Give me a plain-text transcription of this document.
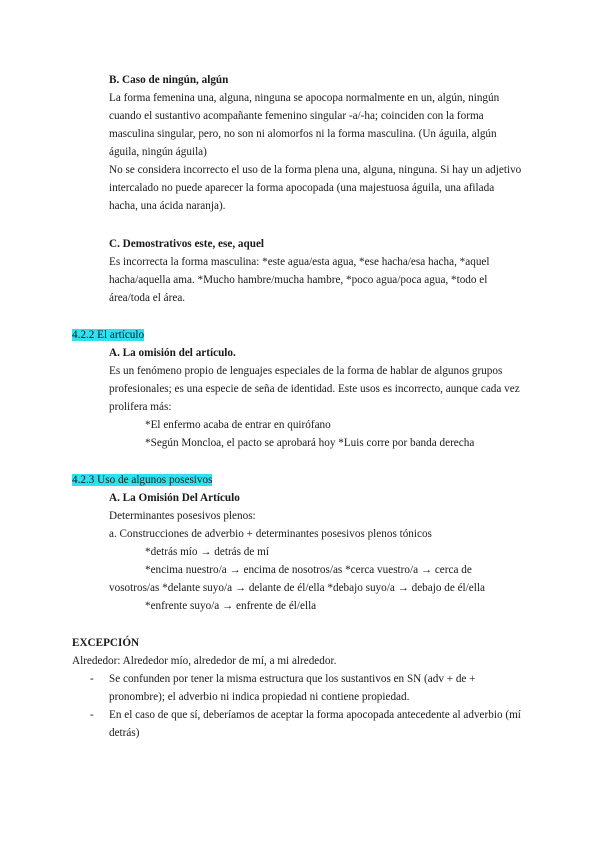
B. Caso de ningún, algún
La forma femenina una, alguna, ninguna se apocopa normalmente en un, algún, ningún
cuando el sustantivo acompañante femenino singular -a/-ha; coinciden con la forma
masculina singular, pero, no son ni alomorfos ni la forma masculina. (Un águila, algún
águila, ningún águila)
No se considera incorrecto el uso de la forma plena una, alguna, ninguna. Si hay un adjetivo
intercalado no puede aparecer la forma apocopada (una majestuosa águila, una afilada
hacha, una ácida naranja).
C. Demostrativos este, ese, aquel
Es incorrecta la forma masculina: *este agua/esta agua, *ese hacha/esa hacha, *aquel
hacha/aquella ama. *Mucho hambre/mucha hambre, *poco agua/poca agua, *todo el
área/toda el área.
4.2.2 El artículo
A. La omisión del artículo.
Es un fenómeno propio de lenguajes especiales de la forma de hablar de algunos grupos
profesionales; es una especie de seña de identidad. Este usos es incorrecto, aunque cada vez
prolifera más:
*El enfermo acaba de entrar en quirófano
*Según Moncloa, el pacto se aprobará hoy *Luis corre por banda derecha
4.2.3 Uso de algunos posesivos
A. La Omisión Del Artículo
Determinantes posesivos plenos:
a. Construcciones de adverbio + determinantes posesivos plenos tónicos
*detrás mío → detrás de mí
*encima nuestro/a → encima de nosotros/as *cerca vuestro/a → cerca de
vosotros/as *delante suyo/a → delante de él/ella *debajo suyo/a → debajo de él/ella
*enfrente suyo/a → enfrente de él/ella
EXCEPCIÓN
Alrededor: Alrededor mío, alrededor de mí, a mi alrededor.
- Se confunden por tener la misma estructura que los sustantivos en SN (adv + de +
pronombre); el adverbio ni indica propiedad ni contiene propiedad.
- En el caso de que sí, deberíamos de aceptar la forma apocopada antecedente al adverbio (mí
detrás)
